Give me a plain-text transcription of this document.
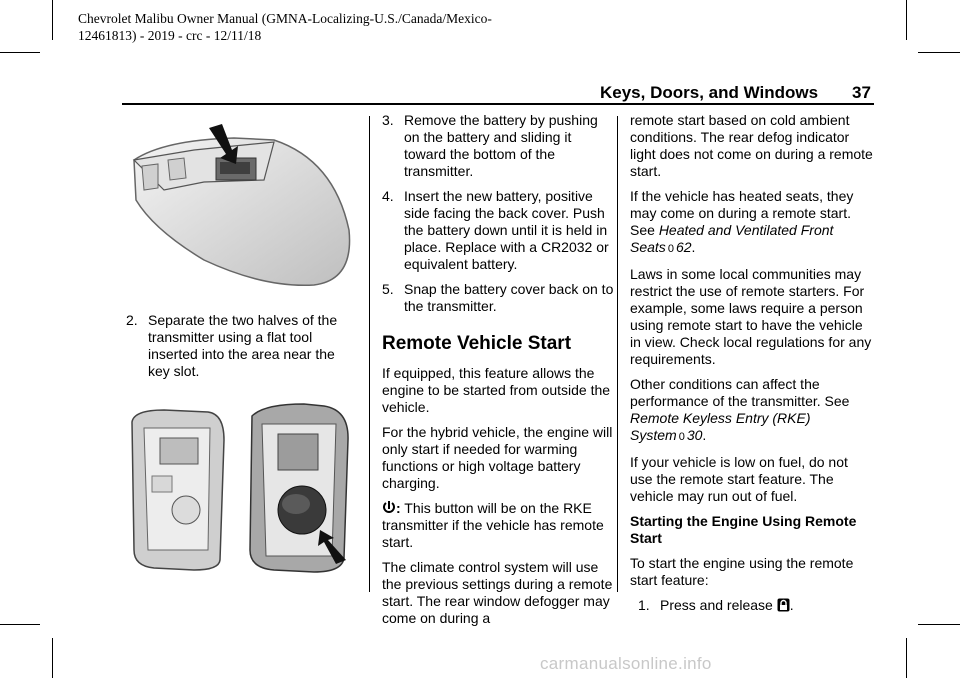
Chevrolet Malibu Owner Manual (GMNA-Localizing-U.S./Canada/Mexico-
12461813) - 2019 - crc - 12/11/18
Keys, Doors, and Windows 37
2. Separate the two halves of the transmitter using a flat tool inserted into the area near the key slot.
3. Remove the battery by pushing on the battery and sliding it toward the bottom of the transmitter.
4. Insert the new battery, positive side facing the back cover. Push the battery down until it is held in place. Replace with a CR2032 or equivalent battery.
5. Snap the battery cover back on to the transmitter.
Remote Vehicle Start

If equipped, this feature allows the engine to be started from outside the vehicle.

For the hybrid vehicle, the engine will only start if needed for warming functions or high voltage battery charging.

: This button will be on the RKE transmitter if the vehicle has remote start.

The climate control system will use the previous settings during a remote start. The rear window defogger may come on during a

remote start based on cold ambient conditions. The rear defog indicator light does not come on during a remote start.

If the vehicle has heated seats, they may come on during a remote start. See Heated and Ventilated Front Seats 0 62.

Laws in some local communities may restrict the use of remote starters. For example, some laws require a person using remote start to have the vehicle in view. Check local regulations for any requirements.

Other conditions can affect the performance of the transmitter. See Remote Keyless Entry (RKE) System 0 30.

If your vehicle is low on fuel, do not use the remote start feature. The vehicle may run out of fuel.

Starting the Engine Using Remote Start

To start the engine using the remote start feature:

1. Press and release .
carmanualsonline.info
